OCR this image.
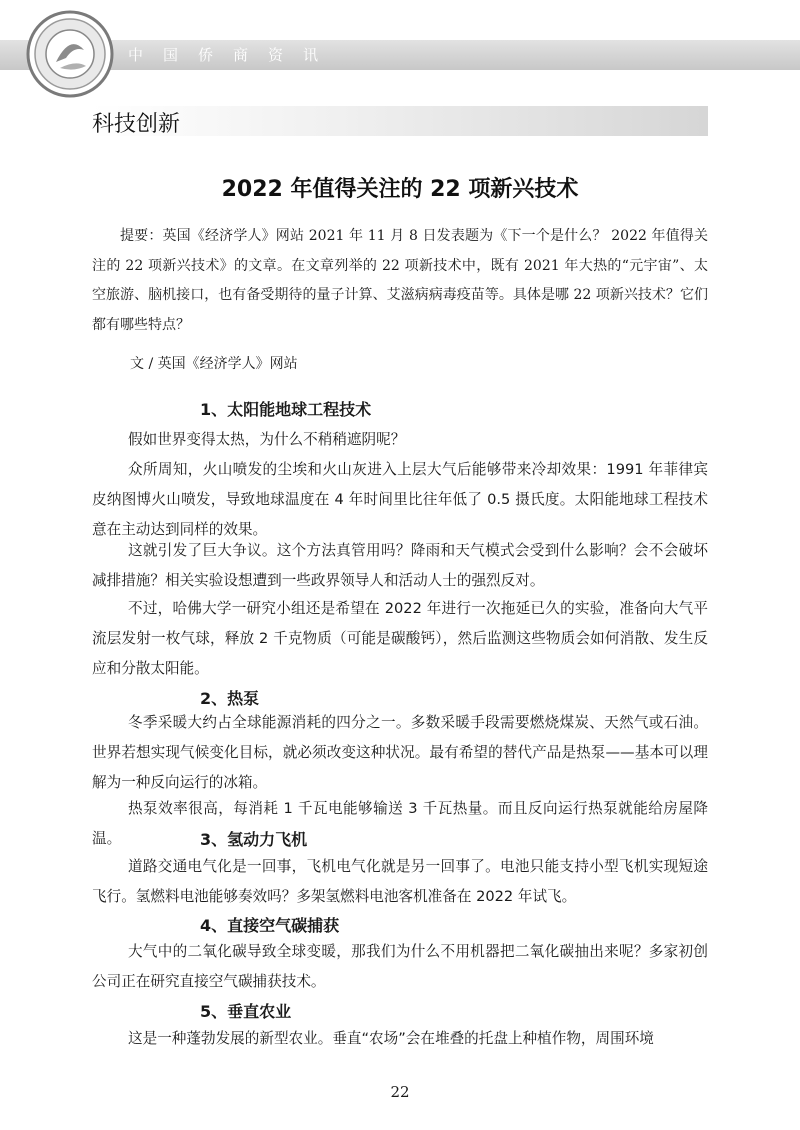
中国侨商资讯
科技创新
2022 年值得关注的 22 项新兴技术

提要：英国《经济学人》网站 2021 年 11 月 8 日发表题为《下一个是什么？ 2022 年值得关注的 22 项新兴技术》的文章。在文章列举的 22 项新技术中，既有 2021 年大热的“元宇宙”、太空旅游、脑机接口，也有备受期待的量子计算、艾滋病病毒疫苗等。具体是哪 22 项新兴技术？它们都有哪些特点？

文 / 英国《经济学人》网站
1、太阳能地球工程技术

假如世界变得太热，为什么不稍稍遮阴呢？

众所周知，火山喷发的尘埃和火山灰进入上层大气后能够带来冷却效果：1991 年菲律宾皮纳图博火山喷发，导致地球温度在 4 年时间里比往年低了 0.5 摄氏度。太阳能地球工程技术意在主动达到同样的效果。

这就引发了巨大争议。这个方法真管用吗？降雨和天气模式会受到什么影响？会不会破坏减排措施？相关实验设想遭到一些政界领导人和活动人士的强烈反对。

不过，哈佛大学一研究小组还是希望在 2022 年进行一次拖延已久的实验，准备向大气平流层发射一枚气球，释放 2 千克物质（可能是碳酸钙），然后监测这些物质会如何消散、发生反应和分散太阳能。

2、热泵

冬季采暖大约占全球能源消耗的四分之一。多数采暖手段需要燃烧煤炭、天然气或石油。世界若想实现气候变化目标，就必须改变这种状况。最有希望的替代产品是热泵——基本可以理解为一种反向运行的冰箱。

热泵效率很高，每消耗 1 千瓦电能够输送 3 千瓦热量。而且反向运行热泵就能给房屋降温。	3、氢动力飞机

道路交通电气化是一回事，飞机电气化就是另一回事了。电池只能支持小型飞机实现短途飞行。氢燃料电池能够奏效吗？多架氢燃料电池客机准备在 2022 年试飞。

4、直接空气碳捕获

大气中的二氧化碳导致全球变暖，那我们为什么不用机器把二氧化碳抽出来呢？多家初创公司正在研究直接空气碳捕获技术。

5、垂直农业

这是一种蓬勃发展的新型农业。垂直“农场”会在堆叠的托盘上种植作物，周围环境

22
